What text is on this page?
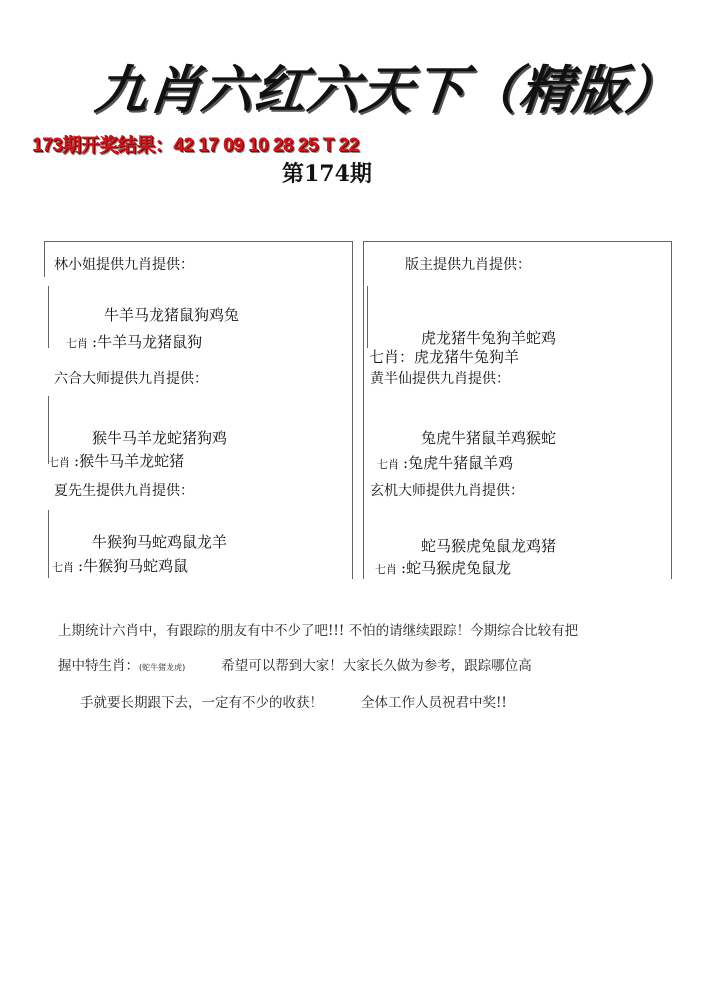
九肖六红六天下（精版）
173期开奖结果：42 17 09 10 28 25 T 22
第174期
林小姐提供九肖提供：
牛羊马龙猪鼠狗鸡兔
七肖 :牛羊马龙猪鼠狗
版主提供九肖提供：
虎龙猪牛兔狗羊蛇鸡
七肖：虎龙猪牛兔狗羊
六合大师提供九肖提供：
猴牛马羊龙蛇猪狗鸡
七肖 :猴牛马羊龙蛇猪
黄半仙提供九肖提供：
兔虎牛猪鼠羊鸡猴蛇
七肖 :兔虎牛猪鼠羊鸡
夏先生提供九肖提供：
牛猴狗马蛇鸡鼠龙羊
七肖 :牛猴狗马蛇鸡鼠
玄机大师提供九肖提供：
蛇马猴虎兔鼠龙鸡猪
七肖 :蛇马猴虎兔鼠龙
上期统计六肖中，有跟踪的朋友有中不少了吧!!! 不怕的请继续跟踪！今期综合比较有把
握中特生肖：(蛇牛猪龙虎)	希望可以帮到大家！大家长久做为参考，跟踪哪位高
手就要长期跟下去，一定有不少的收获！	全体工作人员祝君中奖!!
